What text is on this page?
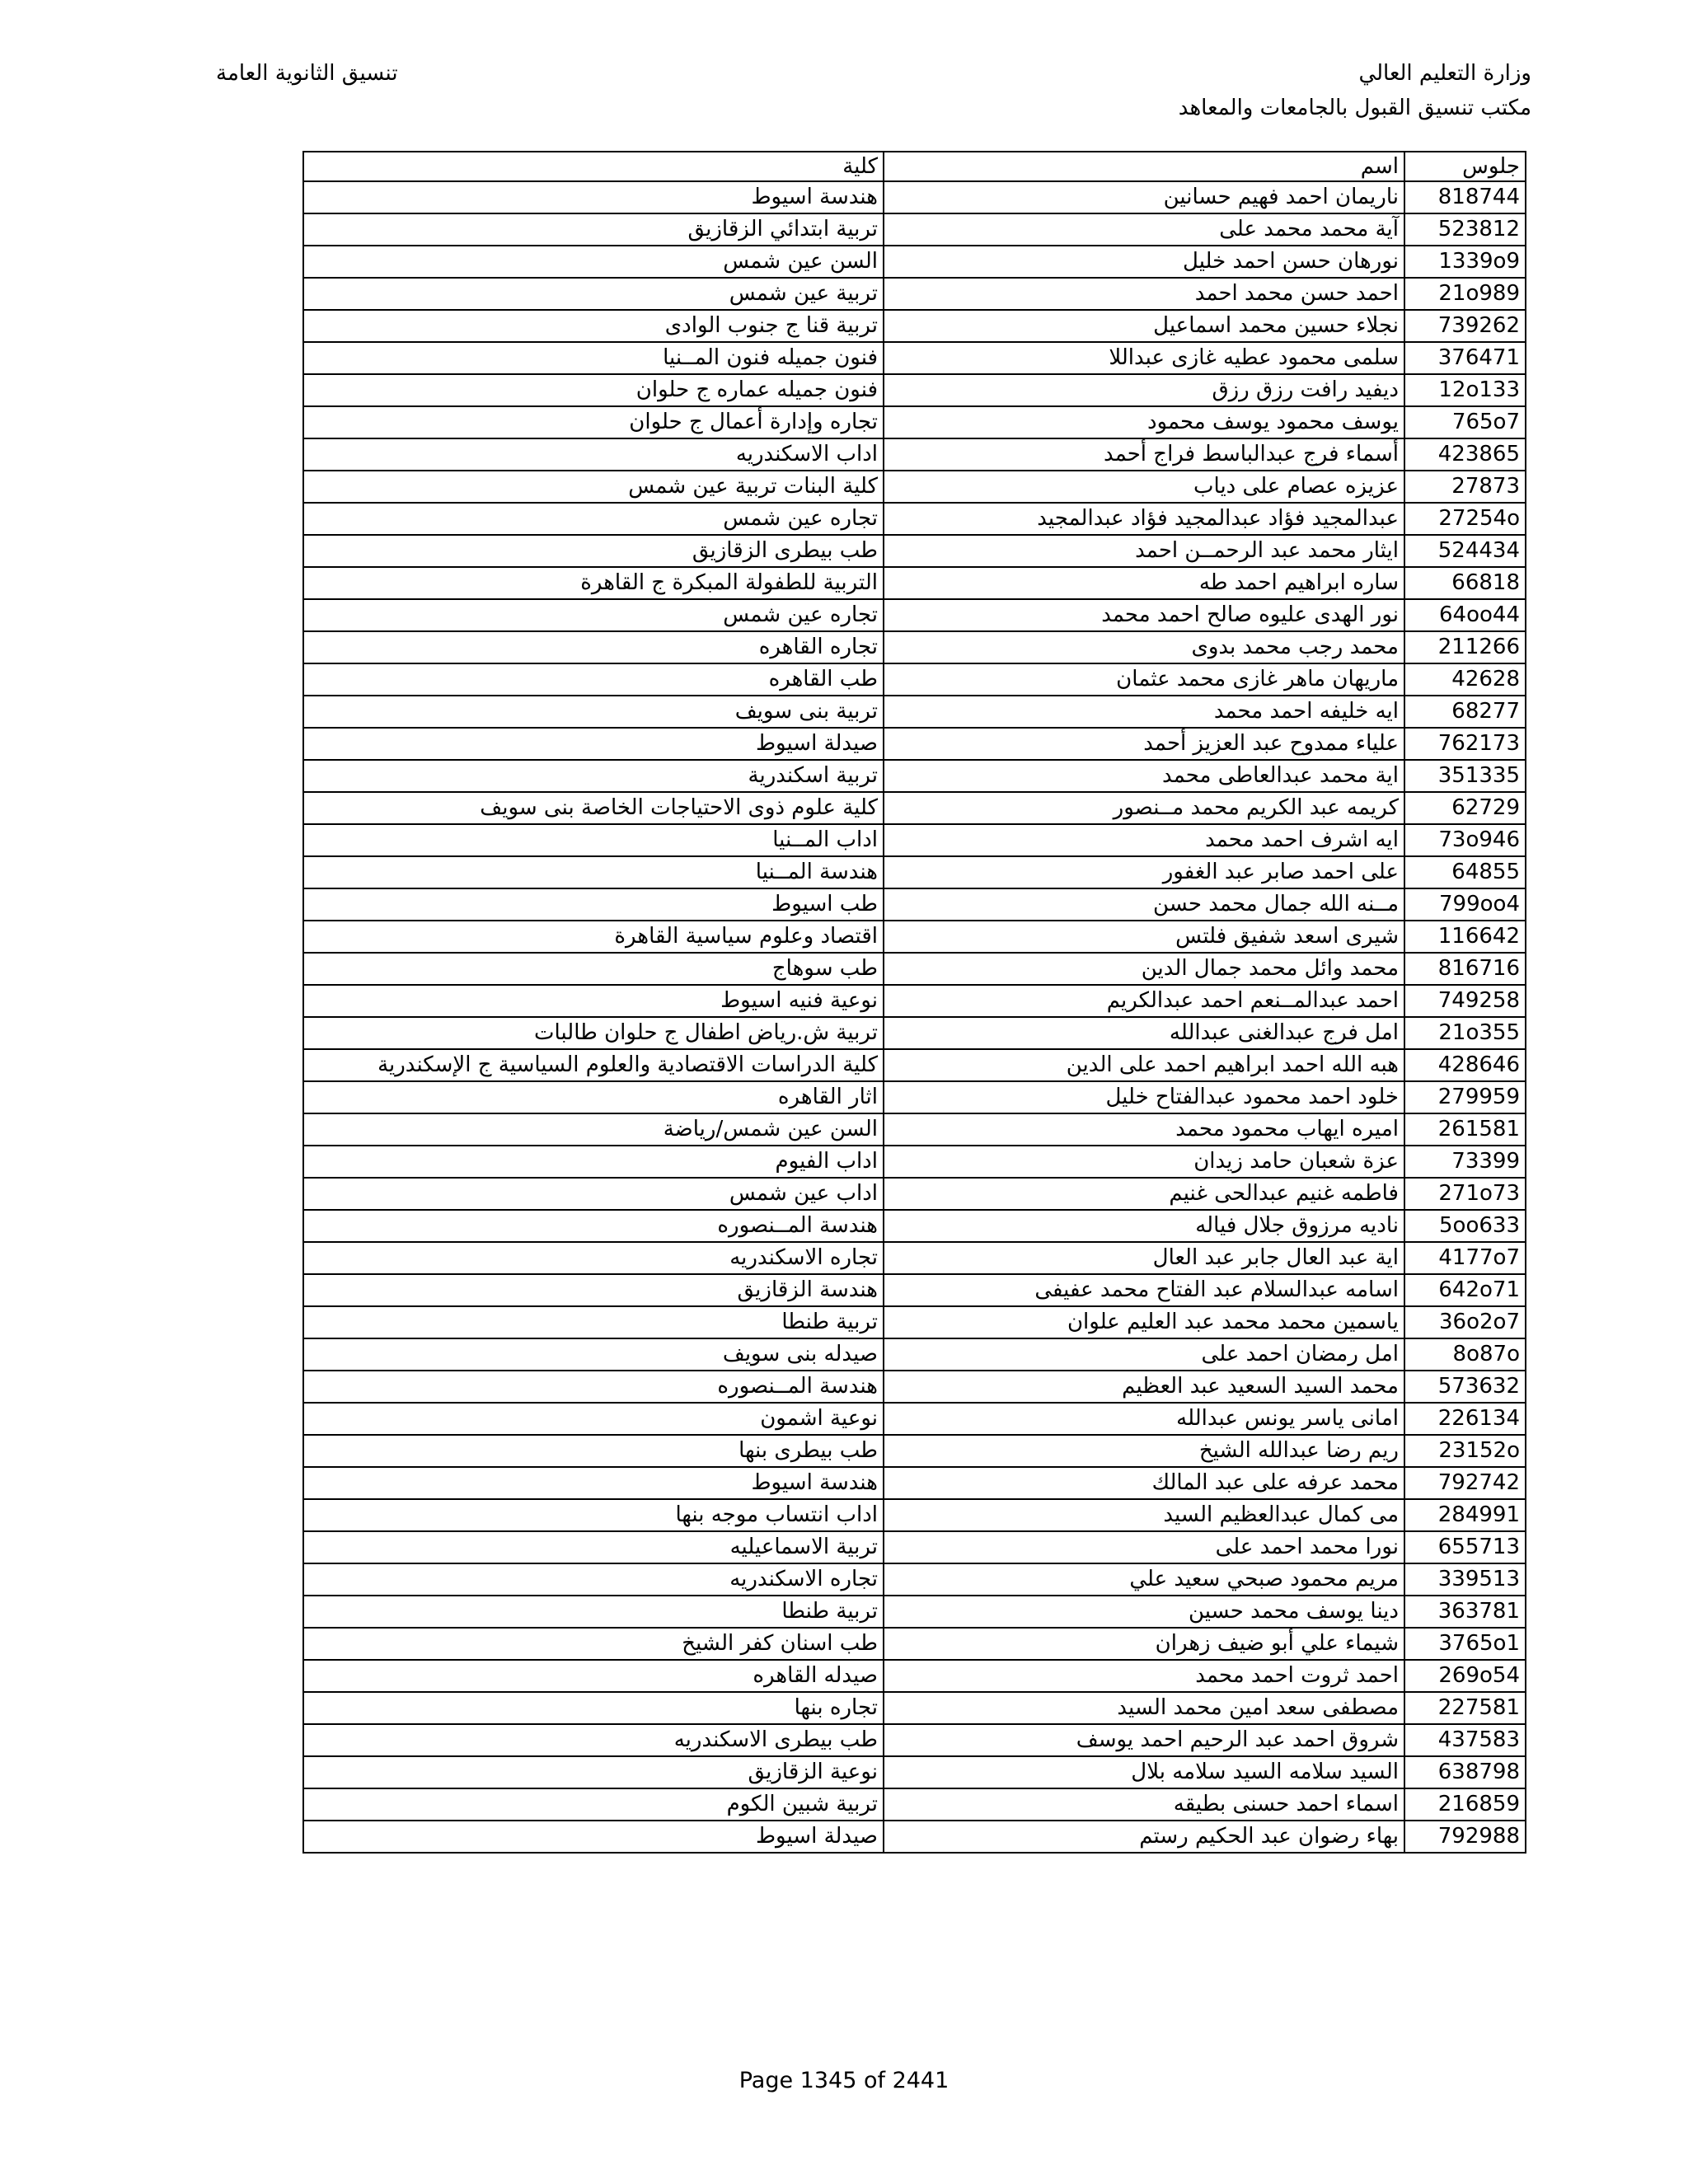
وزارة التعليم العالي
مكتب تنسيق القبول بالجامعات والمعاهد
تنسيق الثانوية العامة
كلية	اسم	جلوس
هندسة اسيوط	ناريمان احمد فهيم حسانين	818744
تربية ابتدائي الزقازيق	آية محمد محمد على	523812
السن عين شمس	نورهان حسن احمد خليل	1339o9
تربية عين شمس	احمد حسن محمد احمد	21o989
تربية قنا ج جنوب الوادى	نجلاء حسين محمد اسماعيل	739262
فنون جميله فنون المــنيا	سلمى محمود عطيه غازى عبداللا	376471
فنون جميله عماره ج حلوان	ديفيد رافت رزق رزق	12o133
تجاره وإدارة أعمال ج حلوان	يوسف محمود يوسف محمود	765o7
اداب الاسكندريه	أسماء فرج عبدالباسط فراج أحمد	423865
كلية البنات تربية عين شمس	عزيزه عصام على دياب	27873
تجاره عين شمس	عبدالمجيد فؤاد عبدالمجيد فؤاد عبدالمجيد	27254o
طب بيطرى الزقازيق	ايثار محمد عبد الرحمــن احمد	524434
التربية للطفولة المبكرة ج القاهرة	ساره ابراهيم احمد طه	66818
تجاره عين شمس	نور الهدى عليوه صالح احمد محمد	64oo44
تجاره القاهره	محمد رجب محمد بدوى	211266
طب القاهره	ماريهان ماهر غازى محمد عثمان	42628
تربية بنى سويف	ايه خليفه احمد محمد	68277
صيدلة اسيوط	علياء ممدوح عبد العزيز أحمد	762173
تربية اسكندرية	اية محمد عبدالعاطى محمد	351335
كلية علوم ذوى الاحتياجات الخاصة بنى سويف	كريمه عبد الكريم محمد مــنصور	62729
اداب المــنيا	ايه اشرف احمد محمد	73o946
هندسة المــنيا	على احمد صابر عبد الغفور	64855
طب اسيوط	مــنه الله جمال محمد حسن	799oo4
اقتصاد وعلوم سياسية القاهرة	شيرى اسعد شفيق فلتس	116642
طب سوهاج	محمد وائل محمد جمال الدين	816716
نوعية فنيه اسيوط	احمد عبدالمــنعم احمد عبدالكريم	749258
تربية ش.رياض اطفال ج حلوان طالبات	امل فرج عبدالغنى عبدالله	21o355
كلية الدراسات الاقتصادية والعلوم السياسية ج الإسكندرية	هبه الله احمد ابراهيم احمد على الدين	428646
اثار القاهره	خلود احمد محمود عبدالفتاح خليل	279959
السن عين شمس/رياضة	اميره ايهاب محمود محمد	261581
اداب الفيوم	عزة شعبان حامد زيدان	73399
اداب عين شمس	فاطمه غنيم عبدالحى غنيم	271o73
هندسة المــنصوره	ناديه مرزوق جلال فياله	5oo633
تجاره الاسكندريه	اية عبد العال جابر عبد العال	4177o7
هندسة الزقازيق	اسامه عبدالسلام عبد الفتاح محمد عفيفى	642o71
تربية طنطا	ياسمين محمد محمد عبد العليم علوان	36o2o7
صيدله بنى سويف	امل رمضان احمد على	8o87o
هندسة المــنصوره	محمد السيد السعيد عبد العظيم	573632
نوعية اشمون	امانى ياسر يونس عبدالله	226134
طب بيطرى بنها	ريم رضا عبدالله الشيخ	23152o
هندسة اسيوط	محمد عرفه على عبد المالك	792742
اداب انتساب موجه بنها	مى كمال عبدالعظيم السيد	284991
تربية الاسماعيليه	نورا محمد احمد على	655713
تجاره الاسكندريه	مريم محمود صبحي سعيد علي	339513
تربية طنطا	دينا يوسف محمد حسين	363781
طب اسنان كفر الشيخ	شيماء علي أبو ضيف زهران	3765o1
صيدله القاهره	احمد ثروت احمد محمد	269o54
تجاره بنها	مصطفى سعد امين محمد السيد	227581
طب بيطرى الاسكندريه	شروق احمد عبد الرحيم احمد يوسف	437583
نوعية الزقازيق	السيد سلامه السيد سلامه بلال	638798
تربية شبين الكوم	اسماء احمد حسنى بطيقه	216859
صيدلة اسيوط	بهاء رضوان عبد الحكيم رستم	792988
Page 1345 of 2441
